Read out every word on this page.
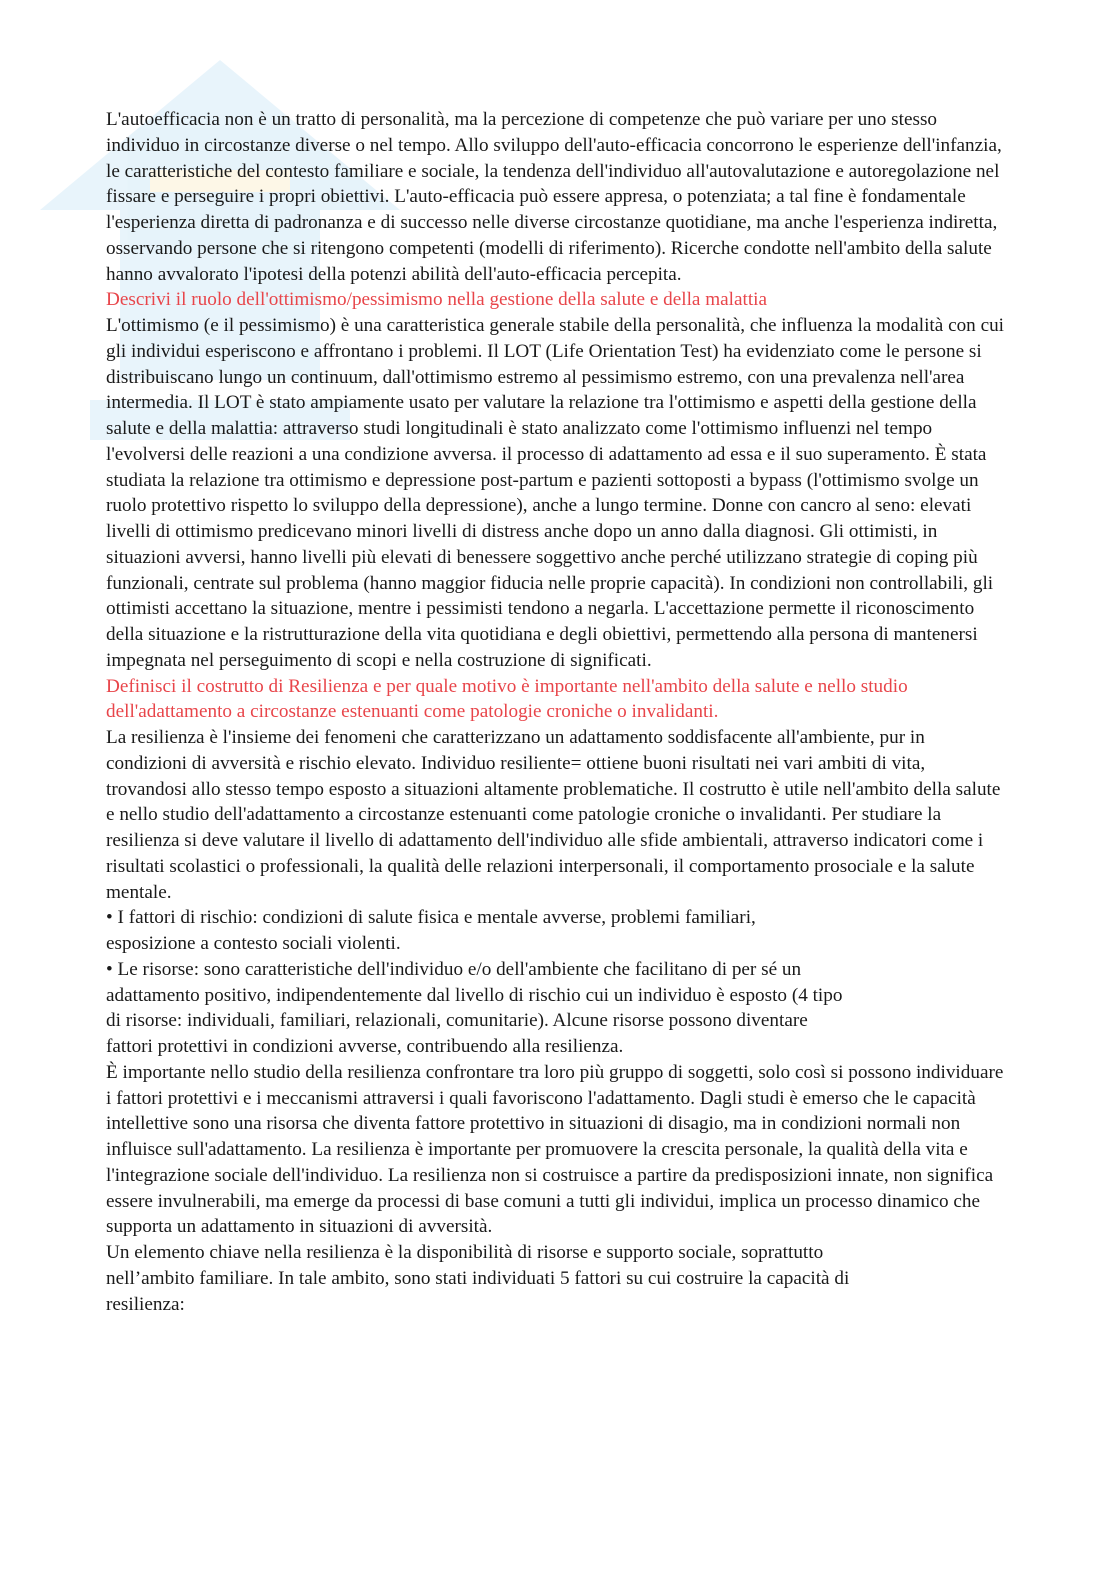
L'autoefficacia non è un tratto di personalità, ma la percezione di competenze che può variare per uno stesso individuo in circostanze diverse o nel tempo. Allo sviluppo dell'auto-efficacia concorrono le esperienze dell'infanzia, le caratteristiche del contesto familiare e sociale, la tendenza dell'individuo all'autovalutazione e autoregolazione nel fissare e perseguire i propri obiettivi. L'auto-efficacia può essere appresa, o potenziata; a tal fine è fondamentale l'esperienza diretta di padronanza e di successo nelle diverse circostanze quotidiane, ma anche l'esperienza indiretta, osservando persone che si ritengono competenti (modelli di riferimento). Ricerche condotte nell'ambito della salute hanno avvalorato l'ipotesi della potenzi abilità dell'auto-efficacia percepita.

Descrivi il ruolo dell'ottimismo/pessimismo nella gestione della salute e della malattia

L'ottimismo (e il pessimismo) è una caratteristica generale stabile della personalità, che influenza la modalità con cui gli individui esperiscono e affrontano i problemi. Il LOT (Life Orientation Test) ha evidenziato come le persone si distribuiscano lungo un continuum, dall'ottimismo estremo al pessimismo estremo, con una prevalenza nell'area intermedia. Il LOT è stato ampiamente usato per valutare la relazione tra l'ottimismo e aspetti della gestione della salute e della malattia: attraverso studi longitudinali è stato analizzato come l'ottimismo influenzi nel tempo l'evolversi delle reazioni a una condizione avversa. il processo di adattamento ad essa e il suo superamento. È stata studiata la relazione tra ottimismo e depressione post-partum e pazienti sottoposti a bypass (l'ottimismo svolge un ruolo protettivo rispetto lo sviluppo della depressione), anche a lungo termine. Donne con cancro al seno: elevati livelli di ottimismo predicevano minori livelli di distress anche dopo un anno dalla diagnosi. Gli ottimisti, in situazioni avversi, hanno livelli più elevati di benessere soggettivo anche perché utilizzano strategie di coping più funzionali, centrate sul problema (hanno maggior fiducia nelle proprie capacità). In condizioni non controllabili, gli ottimisti accettano la situazione, mentre i pessimisti tendono a negarla. L'accettazione permette il riconoscimento della situazione e la ristrutturazione della vita quotidiana e degli obiettivi, permettendo alla persona di mantenersi impegnata nel perseguimento di scopi e nella costruzione di significati.

Definisci il costrutto di Resilienza e per quale motivo è importante nell'ambito della salute e nello studio dell'adattamento a circostanze estenuanti come patologie croniche o invalidanti.

La resilienza è l'insieme dei fenomeni che caratterizzano un adattamento soddisfacente all'ambiente, pur in condizioni di avversità e rischio elevato. Individuo resiliente= ottiene buoni risultati nei vari ambiti di vita, trovandosi allo stesso tempo esposto a situazioni altamente problematiche. Il costrutto è utile nell'ambito della salute e nello studio dell'adattamento a circostanze estenuanti come patologie croniche o invalidanti. Per studiare la resilienza si deve valutare il livello di adattamento dell'individuo alle sfide ambientali, attraverso indicatori come i risultati scolastici o professionali, la qualità delle relazioni interpersonali, il comportamento prosociale e la salute mentale.

• I fattori di rischio: condizioni di salute fisica e mentale avverse, problemi familiari,
esposizione a contesto sociali violenti.

• Le risorse: sono caratteristiche dell'individuo e/o dell'ambiente che facilitano di per sé un
adattamento positivo, indipendentemente dal livello di rischio cui un individuo è esposto (4 tipo
di risorse: individuali, familiari, relazionali, comunitarie). Alcune risorse possono diventare
fattori protettivi in condizioni avverse, contribuendo alla resilienza.

È importante nello studio della resilienza confrontare tra loro più gruppo di soggetti, solo così si possono individuare i fattori protettivi e i meccanismi attraversi i quali favoriscono l'adattamento. Dagli studi è emerso che le capacità intellettive sono una risorsa che diventa fattore protettivo in situazioni di disagio, ma in condizioni normali non influisce sull'adattamento. La resilienza è importante per promuovere la crescita personale, la qualità della vita e l'integrazione sociale dell'individuo. La resilienza non si costruisce a partire da predisposizioni innate, non significa essere invulnerabili, ma emerge da processi di base comuni a tutti gli individui, implica un processo dinamico che supporta un adattamento in situazioni di avversità.

Un elemento chiave nella resilienza è la disponibilità di risorse e supporto sociale, soprattutto
nell’ambito familiare. In tale ambito, sono stati individuati 5 fattori su cui costruire la capacità di
resilienza:
